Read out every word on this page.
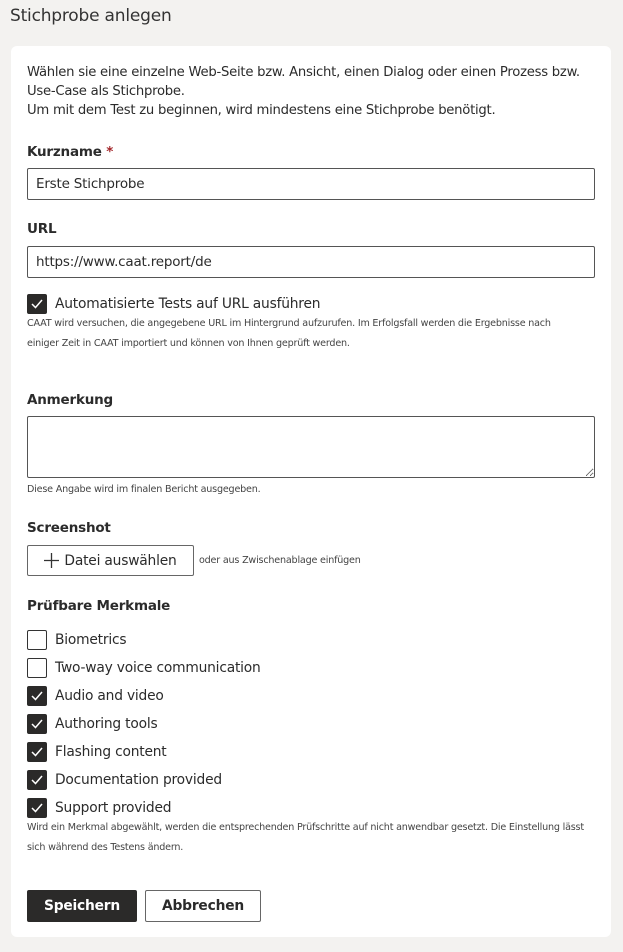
Stichprobe anlegen
Wählen sie eine einzelne Web-Seite bzw. Ansicht, einen Dialog oder einen Prozess bzw.
Use-Case als Stichprobe.
Um mit dem Test zu beginnen, wird mindestens eine Stichprobe benötigt.
Kurzname *
Erste Stichprobe
URL
https://www.caat.report/de
Automatisierte Tests auf URL ausführen
CAAT wird versuchen, die angegebene URL im Hintergrund aufzurufen. Im Erfolgsfall werden die Ergebnisse nach
einiger Zeit in CAAT importiert und können von Ihnen geprüft werden.
Anmerkung
Diese Angabe wird im finalen Bericht ausgegeben.
Screenshot
Datei auswählen oder aus Zwischenablage einfügen
Prüfbare Merkmale
Biometrics
Two-way voice communication
Audio and video
Authoring tools
Flashing content
Documentation provided
Support provided
Wird ein Merkmal abgewählt, werden die entsprechenden Prüfschritte auf nicht anwendbar gesetzt. Die Einstellung lässt
sich während des Testens ändern.
Speichern	Abbrechen
